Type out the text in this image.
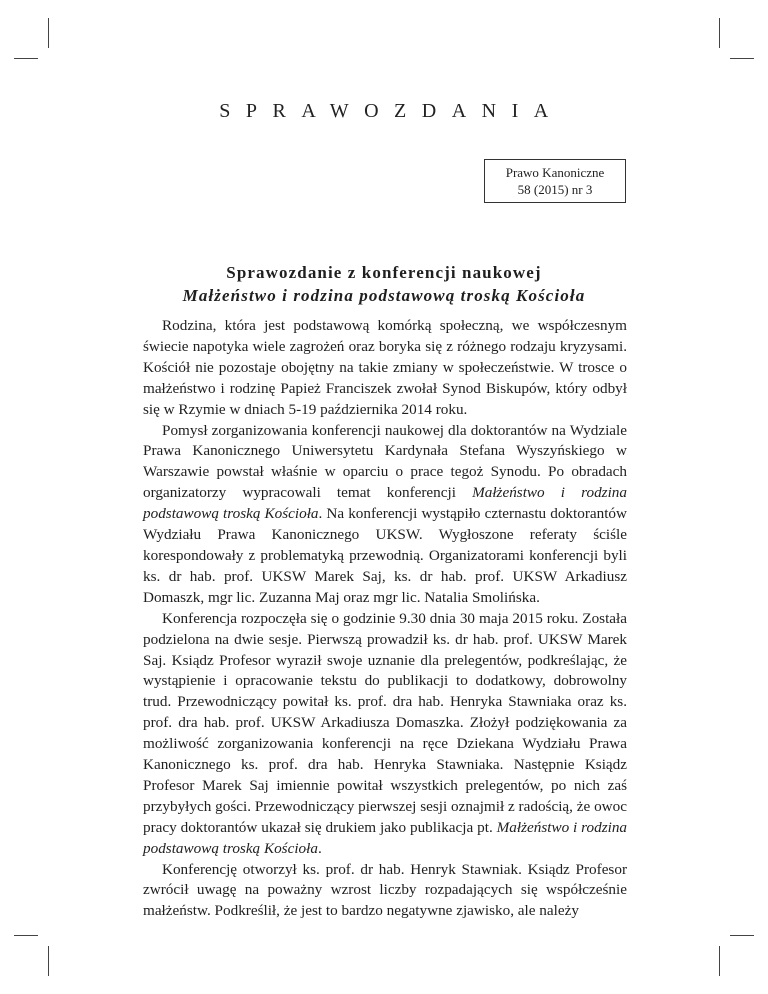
SPRAWOZDANIA
Prawo Kanoniczne
58 (2015) nr 3
Sprawozdanie z konferencji naukowej
Małżeństwo i rodzina podstawową troską Kościoła

Rodzina, która jest podstawową komórką społeczną, we współczesnym świecie napotyka wiele zagrożeń oraz boryka się z różnego rodzaju kryzysami. Kościół nie pozostaje obojętny na takie zmiany w społeczeństwie. W trosce o małżeństwo i rodzinę Papież Franciszek zwołał Synod Biskupów, który odbył się w Rzymie w dniach 5-19 października 2014 roku.

Pomysł zorganizowania konferencji naukowej dla doktorantów na Wydziale Prawa Kanonicznego Uniwersytetu Kardynała Stefana Wyszyńskiego w Warszawie powstał właśnie w oparciu o prace tegoż Synodu. Po obradach organizatorzy wypracowali temat konferencji Małżeństwo i rodzina podstawową troską Kościoła. Na konferencji wystąpiło czternastu doktorantów Wydziału Prawa Kanonicznego UKSW. Wygłoszone referaty ściśle korespondowały z problematyką przewodnią. Organizatorami konferencji byli ks. dr hab. prof. UKSW Marek Saj, ks. dr hab. prof. UKSW Arkadiusz Domaszk, mgr lic. Zuzanna Maj oraz mgr lic. Natalia Smolińska.

Konferencja rozpoczęła się o godzinie 9.30 dnia 30 maja 2015 roku. Została podzielona na dwie sesje. Pierwszą prowadził ks. dr hab. prof. UKSW Marek Saj. Ksiądz Profesor wyraził swoje uznanie dla prelegentów, podkreślając, że wystąpienie i opracowanie tekstu do publikacji to dodatkowy, dobrowolny trud. Przewodniczący powitał ks. prof. dra hab. Henryka Stawniaka oraz ks. prof. dra hab. prof. UKSW Arkadiusza Domaszka. Złożył podziękowania za możliwość zorganizowania konferencji na ręce Dziekana Wydziału Prawa Kanonicznego ks. prof. dra hab. Henryka Stawniaka. Następnie Ksiądz Profesor Marek Saj imiennie powitał wszystkich prelegentów, po nich zaś przybyłych gości. Przewodniczący pierwszej sesji oznajmił z radością, że owoc pracy doktorantów ukazał się drukiem jako publikacja pt. Małżeństwo i rodzina podstawową troską Kościoła.

Konferencję otworzył ks. prof. dr hab. Henryk Stawniak. Ksiądz Profesor zwrócił uwagę na poważny wzrost liczby rozpadających się współcześnie małżeństw. Podkreślił, że jest to bardzo negatywne zjawisko, ale należy
